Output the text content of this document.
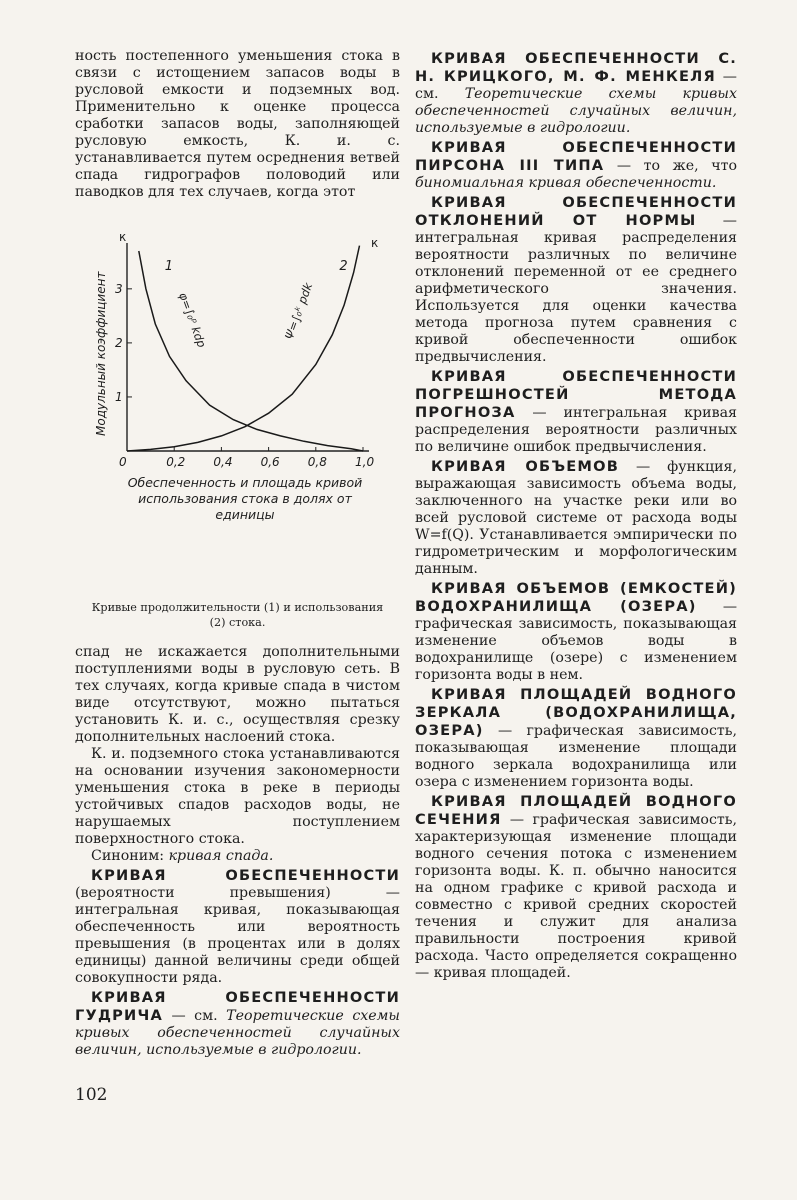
ность постепенного уменьшения стока в связи с истощением запасов воды в русловой емкости и подземных вод. Применительно к оценке процесса сработки запасов воды, заполняющей русловую емкость, К. и. с. устанавливается путем осреднения ветвей спада гидрографов половодий или паводков для тех случаев, когда этот

к	к
0	0,2 0,4 0,6 0,8 1,0
1
2
3
Модульный коэффициент
Обеспеченность и площадь кривой использования стока в долях от единицы
1
φ=∫₀ᵖ kdp
2
Ψ=∫₀ᵏ pdk

Кривые продолжительности (1) и использования (2) стока.

спад не искажается дополнительными поступлениями воды в русловую сеть. В тех случаях, когда кривые спада в чистом виде отсутствуют, можно пытаться установить К. и. с., осуществляя срезку дополнительных наслоений стока.

К. и. подземного стока устанавливаются на основании изучения закономерности уменьшения стока в реке в периоды устойчивых спадов расходов воды, не нарушаемых поступлением поверхностного стока.

Синоним: кривая спада.

КРИВАЯ ОБЕСПЕЧЕННОСТИ (вероятности превышения) — интегральная кривая, показывающая обеспеченность или вероятность превышения (в процентах или в долях единицы) данной величины среди общей совокупности ряда.

КРИВАЯ ОБЕСПЕЧЕННОСТИ ГУДРИЧА — см. Теоретические схемы кривых обеспеченностей случайных величин, используемые в гидрологии.

КРИВАЯ ОБЕСПЕЧЕННОСТИ С. Н. КРИЦКОГО, М. Ф. МЕНКЕЛЯ — см. Теоретические схемы кривых обеспеченностей случайных величин, используемые в гидрологии.

КРИВАЯ ОБЕСПЕЧЕННОСТИ ПИРСОНА III ТИПА — то же, что биномиальная кривая обеспеченности.

КРИВАЯ ОБЕСПЕЧЕННОСТИ ОТКЛОНЕНИЙ ОТ НОРМЫ — интегральная кривая распределения вероятности различных по величине отклонений переменной от ее среднего арифметического значения. Используется для оценки качества метода прогноза путем сравнения с кривой обеспеченности ошибок предвычисления.

КРИВАЯ ОБЕСПЕЧЕННОСТИ ПОГРЕШНОСТЕЙ МЕТОДА ПРОГНОЗА — интегральная кривая распределения вероятности различных по величине ошибок предвычисления.

КРИВАЯ ОБЪЕМОВ — функция, выражающая зависимость объема воды, заключенного на участке реки или во всей русловой системе от расхода воды W=f(Q). Устанавливается эмпирически по гидрометрическим и морфологическим данным.

КРИВАЯ ОБЪЕМОВ (ЕМКОСТЕЙ) ВОДОХРАНИЛИЩА (ОЗЕРА) — графическая зависимость, показывающая изменение объемов воды в водохранилище (озере) с изменением горизонта воды в нем.

КРИВАЯ ПЛОЩАДЕЙ ВОДНОГО ЗЕРКАЛА (ВОДОХРАНИЛИЩА, ОЗЕРА) — графическая зависимость, показывающая изменение площади водного зеркала водохранилища или озера с изменением горизонта воды.

КРИВАЯ ПЛОЩАДЕЙ ВОДНОГО СЕЧЕНИЯ — графическая зависимость, характеризующая изменение площади водного сечения потока с изменением горизонта воды. К. п. обычно наносится на одном графике с кривой расхода и совместно с кривой средних скоростей течения и служит для анализа правильности построения кривой расхода. Часто определяется сокращенно — кривая площадей.

102
